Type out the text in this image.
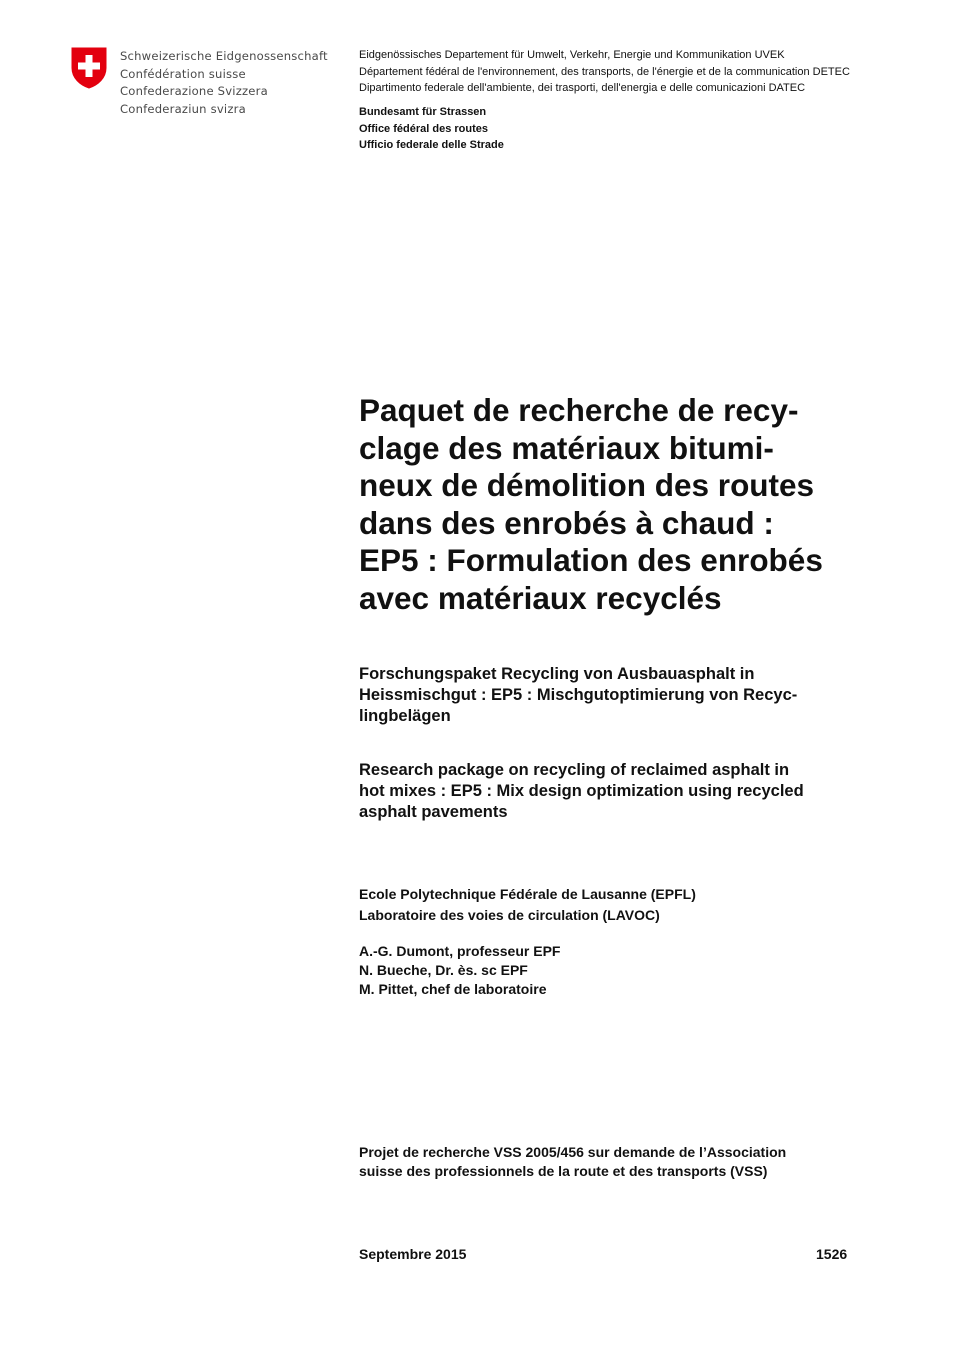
Schweizerische Eidgenossenschaft
Confédération suisse
Confederazione Svizzera
Confederaziun svizra
Eidgenössisches Departement für Umwelt, Verkehr, Energie und Kommunikation UVEK
Département fédéral de l'environnement, des transports, de l'énergie et de la communication DETEC
Dipartimento federale dell'ambiente, dei trasporti, dell'energia e delle comunicazioni DATEC
Bundesamt für Strassen
Office fédéral des routes
Ufficio federale delle Strade
Paquet de recherche de recy-
clage des matériaux bitumi-
neux de démolition des routes
dans des enrobés à chaud :
EP5 : Formulation des enrobés
avec matériaux recyclés
Forschungspaket Recycling von Ausbauasphalt in
Heissmischgut : EP5 : Mischgutoptimierung von Recyc-
lingbelägen
Research package on recycling of reclaimed asphalt in
hot mixes : EP5 : Mix design optimization using recycled
asphalt pavements
Ecole Polytechnique Fédérale de Lausanne (EPFL)
Laboratoire des voies de circulation (LAVOC)
A.-G. Dumont, professeur EPF
N. Bueche, Dr. ès. sc EPF
M. Pittet, chef de laboratoire
Projet de recherche VSS 2005/456 sur demande de l’Association
suisse des professionnels de la route et des transports (VSS)
Septembre 2015	1526
